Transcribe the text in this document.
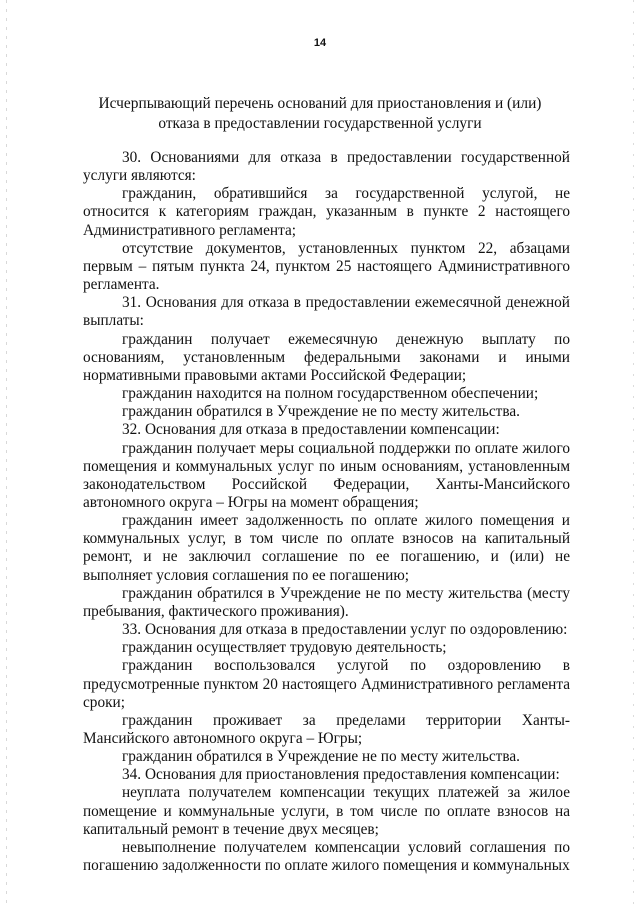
14
Исчерпывающий перечень оснований для приостановления и (или)
отказа в предоставлении государственной услуги

30. Основаниями для отказа в предоставлении государственной услуги являются:

гражданин, обратившийся за государственной услугой, не относится к категориям граждан, указанным в пункте 2 настоящего Административного регламента;

отсутствие документов, установленных пунктом 22, абзацами первым – пятым пункта 24, пунктом 25 настоящего Административного регламента.

31. Основания для отказа в предоставлении ежемесячной денежной выплаты:

гражданин получает ежемесячную денежную выплату по основаниям, установленным федеральными законами и иными нормативными правовыми актами Российской Федерации;

гражданин находится на полном государственном обеспечении;

гражданин обратился в Учреждение не по месту жительства.

32. Основания для отказа в предоставлении компенсации:

гражданин получает меры социальной поддержки по оплате жилого помещения и коммунальных услуг по иным основаниям, установленным законодательством Российской Федерации, Ханты-Мансийского автономного округа – Югры на момент обращения;

гражданин имеет задолженность по оплате жилого помещения и коммунальных услуг, в том числе по оплате взносов на капитальный ремонт, и не заключил соглашение по ее погашению, и (или) не выполняет условия соглашения по ее погашению;

гражданин обратился в Учреждение не по месту жительства (месту пребывания, фактического проживания).

33. Основания для отказа в предоставлении услуг по оздоровлению:

гражданин осуществляет трудовую деятельность;

гражданин воспользовался услугой по оздоровлению в предусмотренные пунктом 20 настоящего Административного регламента сроки;

гражданин проживает за пределами территории Ханты-Мансийского автономного округа – Югры;

гражданин обратился в Учреждение не по месту жительства.

34. Основания для приостановления предоставления компенсации:

неуплата получателем компенсации текущих платежей за жилое помещение и коммунальные услуги, в том числе по оплате взносов на капитальный ремонт в течение двух месяцев;

невыполнение получателем компенсации условий соглашения по погашению задолженности по оплате жилого помещения и коммунальных
